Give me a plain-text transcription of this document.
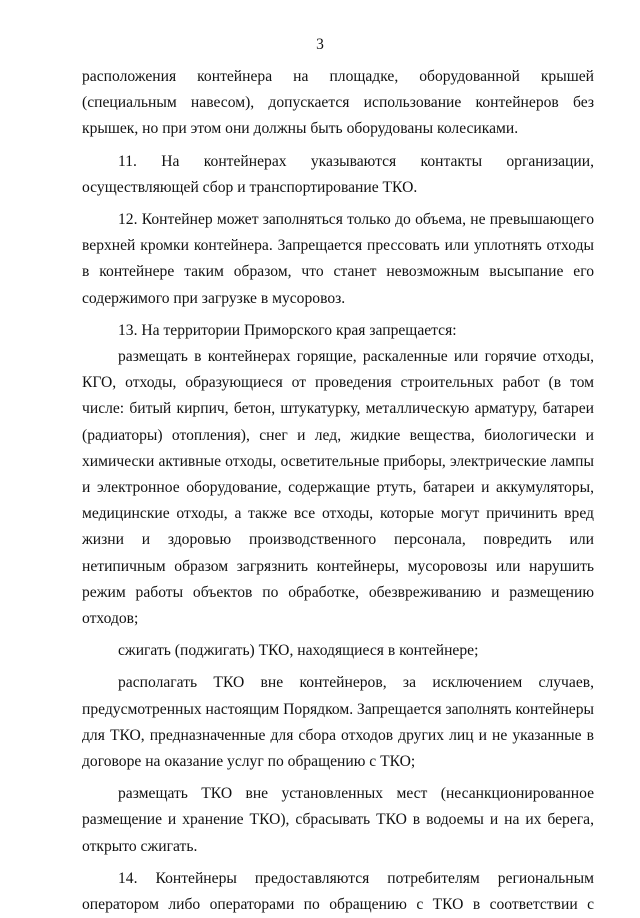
3

расположения контейнера на площадке, оборудованной крышей (специальным навесом), допускается использование контейнеров без крышек, но при этом они должны быть оборудованы колесиками.

11. На контейнерах указываются контакты организации, осуществляющей сбор и транспортирование ТКО.

12. Контейнер может заполняться только до объема, не превышающего верхней кромки контейнера. Запрещается прессовать или уплотнять отходы в контейнере таким образом, что станет невозможным высыпание его содержимого при загрузке в мусоровоз.

13. На территории Приморского края запрещается:

размещать в контейнерах горящие, раскаленные или горячие отходы, КГО, отходы, образующиеся от проведения строительных работ (в том числе: битый кирпич, бетон, штукатурку, металлическую арматуру, батареи (радиаторы) отопления), снег и лед, жидкие вещества, биологически и химически активные отходы, осветительные приборы, электрические лампы и электронное оборудование, содержащие ртуть, батареи и аккумуляторы, медицинские отходы, а также все отходы, которые могут причинить вред жизни и здоровью производственного персонала, повредить или нетипичным образом загрязнить контейнеры, мусоровозы или нарушить режим работы объектов по обработке, обезвреживанию и размещению отходов;

сжигать (поджигать) ТКО, находящиеся в контейнере;

располагать ТКО вне контейнеров, за исключением случаев, предусмотренных настоящим Порядком. Запрещается заполнять контейнеры для ТКО, предназначенные для сбора отходов других лиц и не указанные в договоре на оказание услуг по обращению с ТКО;

размещать ТКО вне установленных мест (несанкционированное размещение и хранение ТКО), сбрасывать ТКО в водоемы и на их берега, открыто сжигать.

14. Контейнеры предоставляются потребителям региональным оператором либо операторами по обращению с ТКО в соответствии с
